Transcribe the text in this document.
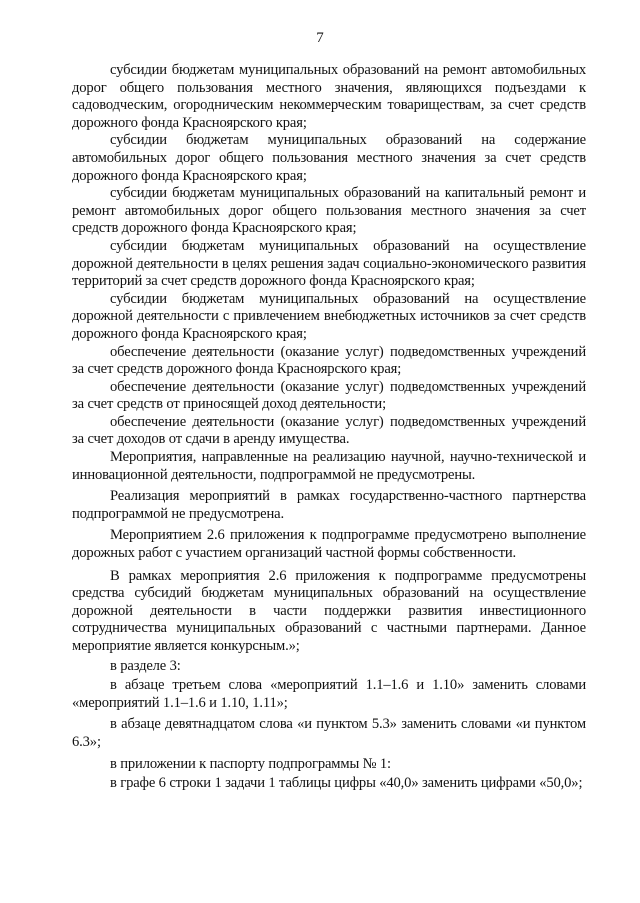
7

субсидии бюджетам муниципальных образований на ремонт автомобильных дорог общего пользования местного значения, являющихся подъездами к садоводческим, огородническим некоммерческим товариществам, за счет средств дорожного фонда Красноярского края;

субсидии бюджетам муниципальных образований на содержание автомобильных дорог общего пользования местного значения за счет средств дорожного фонда Красноярского края;

субсидии бюджетам муниципальных образований на капитальный ремонт и ремонт автомобильных дорог общего пользования местного значения за счет средств дорожного фонда Красноярского края;

субсидии бюджетам муниципальных образований на осуществление дорожной деятельности в целях решения задач социально-экономического развития территорий за счет средств дорожного фонда Красноярского края;

субсидии бюджетам муниципальных образований на осуществление дорожной деятельности с привлечением внебюджетных источников за счет средств дорожного фонда Красноярского края;

обеспечение деятельности (оказание услуг) подведомственных учреждений за счет средств дорожного фонда Красноярского края;

обеспечение деятельности (оказание услуг) подведомственных учреждений за счет средств от приносящей доход деятельности;

обеспечение деятельности (оказание услуг) подведомственных учреждений за счет доходов от сдачи в аренду имущества.

Мероприятия, направленные на реализацию научной, научно-технической и инновационной деятельности, подпрограммой не предусмотрены.

Реализация мероприятий в рамках государственно-частного партнерства подпрограммой не предусмотрена.

Мероприятием 2.6 приложения к подпрограмме предусмотрено выполнение дорожных работ с участием организаций частной формы собственности.

В рамках мероприятия 2.6 приложения к подпрограмме предусмотрены средства субсидий бюджетам муниципальных образований на осуществление дорожной деятельности в части поддержки развития инвестиционного сотрудничества муниципальных образований с частными партнерами. Данное мероприятие является конкурсным.»;

в разделе 3:

в абзаце третьем слова «мероприятий 1.1–1.6 и 1.10» заменить словами «мероприятий 1.1–1.6 и 1.10, 1.11»;

в абзаце девятнадцатом слова «и пунктом 5.3» заменить словами «и пунктом 6.3»;

в приложении к паспорту подпрограммы № 1:

в графе 6 строки 1 задачи 1 таблицы цифры «40,0» заменить цифрами «50,0»;
